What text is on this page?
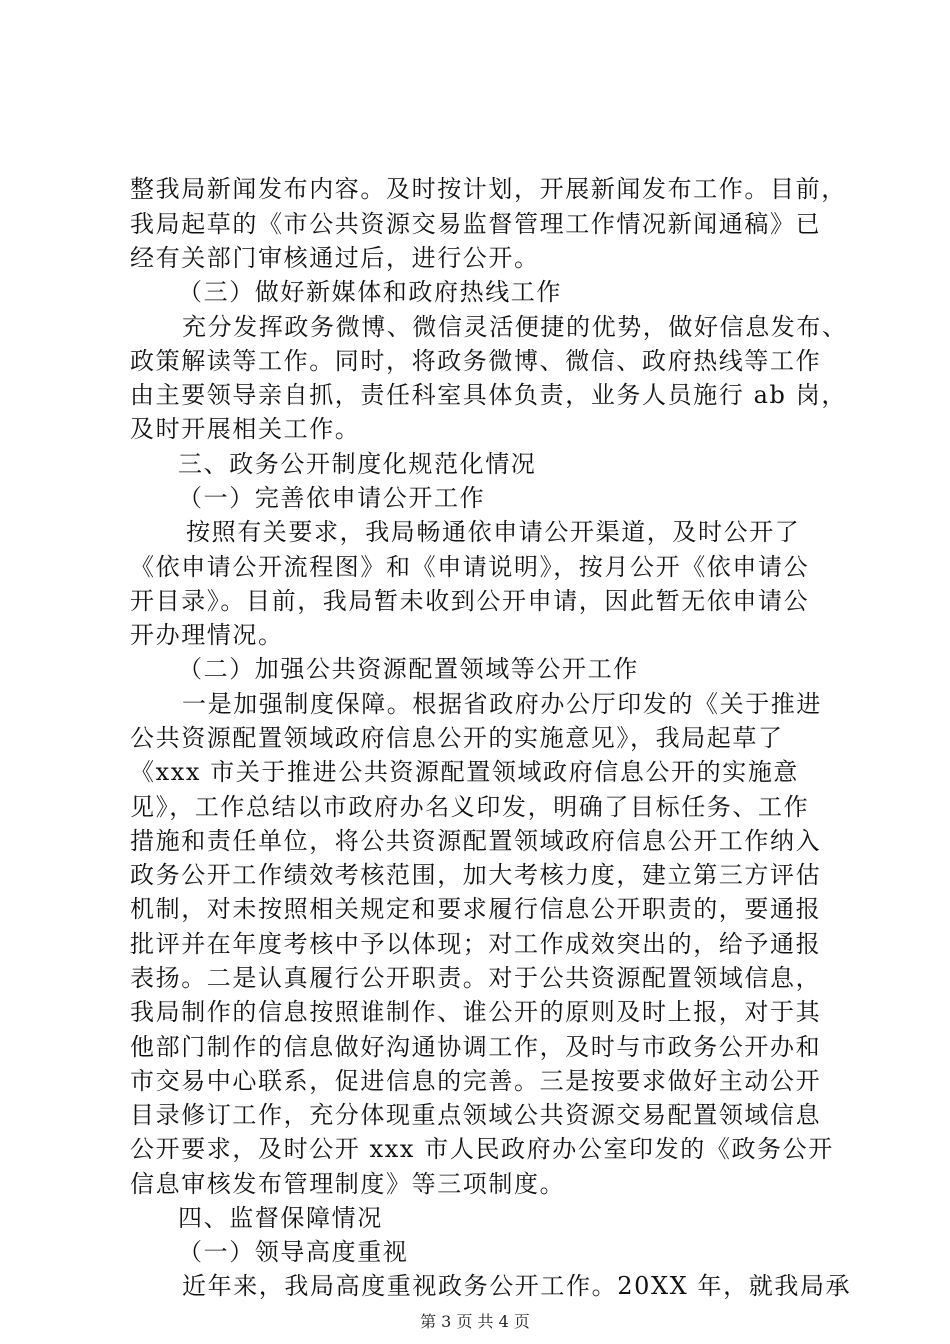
整我局新闻发布内容。及时按计划，开展新闻发布工作。目前，
我局起草的《市公共资源交易监督管理工作情况新闻通稿》已
经有关部门审核通过后，进行公开。
（三）做好新媒体和政府热线工作
充分发挥政务微博、微信灵活便捷的优势，做好信息发布、
政策解读等工作。同时，将政务微博、微信、政府热线等工作
由主要领导亲自抓，责任科室具体负责，业务人员施行 ab 岗，
及时开展相关工作。
三、政务公开制度化规范化情况
（一）完善依申请公开工作
按照有关要求，我局畅通依申请公开渠道，及时公开了
《依申请公开流程图》和《申请说明》，按月公开《依申请公
开目录》。目前，我局暂未收到公开申请，因此暂无依申请公
开办理情况。
（二）加强公共资源配置领域等公开工作
一是加强制度保障。根据省政府办公厅印发的《关于推进
公共资源配置领域政府信息公开的实施意见》，我局起草了
《xxx 市关于推进公共资源配置领域政府信息公开的实施意
见》，工作总结以市政府办名义印发，明确了目标任务、工作
措施和责任单位，将公共资源配置领域政府信息公开工作纳入
政务公开工作绩效考核范围，加大考核力度，建立第三方评估
机制，对未按照相关规定和要求履行信息公开职责的，要通报
批评并在年度考核中予以体现；对工作成效突出的，给予通报
表扬。二是认真履行公开职责。对于公共资源配置领域信息，
我局制作的信息按照谁制作、谁公开的原则及时上报，对于其
他部门制作的信息做好沟通协调工作，及时与市政务公开办和
市交易中心联系，促进信息的完善。三是按要求做好主动公开
目录修订工作，充分体现重点领域公共资源交易配置领域信息
公开要求，及时公开 xxx 市人民政府办公室印发的《政务公开
信息审核发布管理制度》等三项制度。
四、监督保障情况
（一）领导高度重视
近年来，我局高度重视政务公开工作。20XX 年，就我局承
第 3 页 共 4 页
